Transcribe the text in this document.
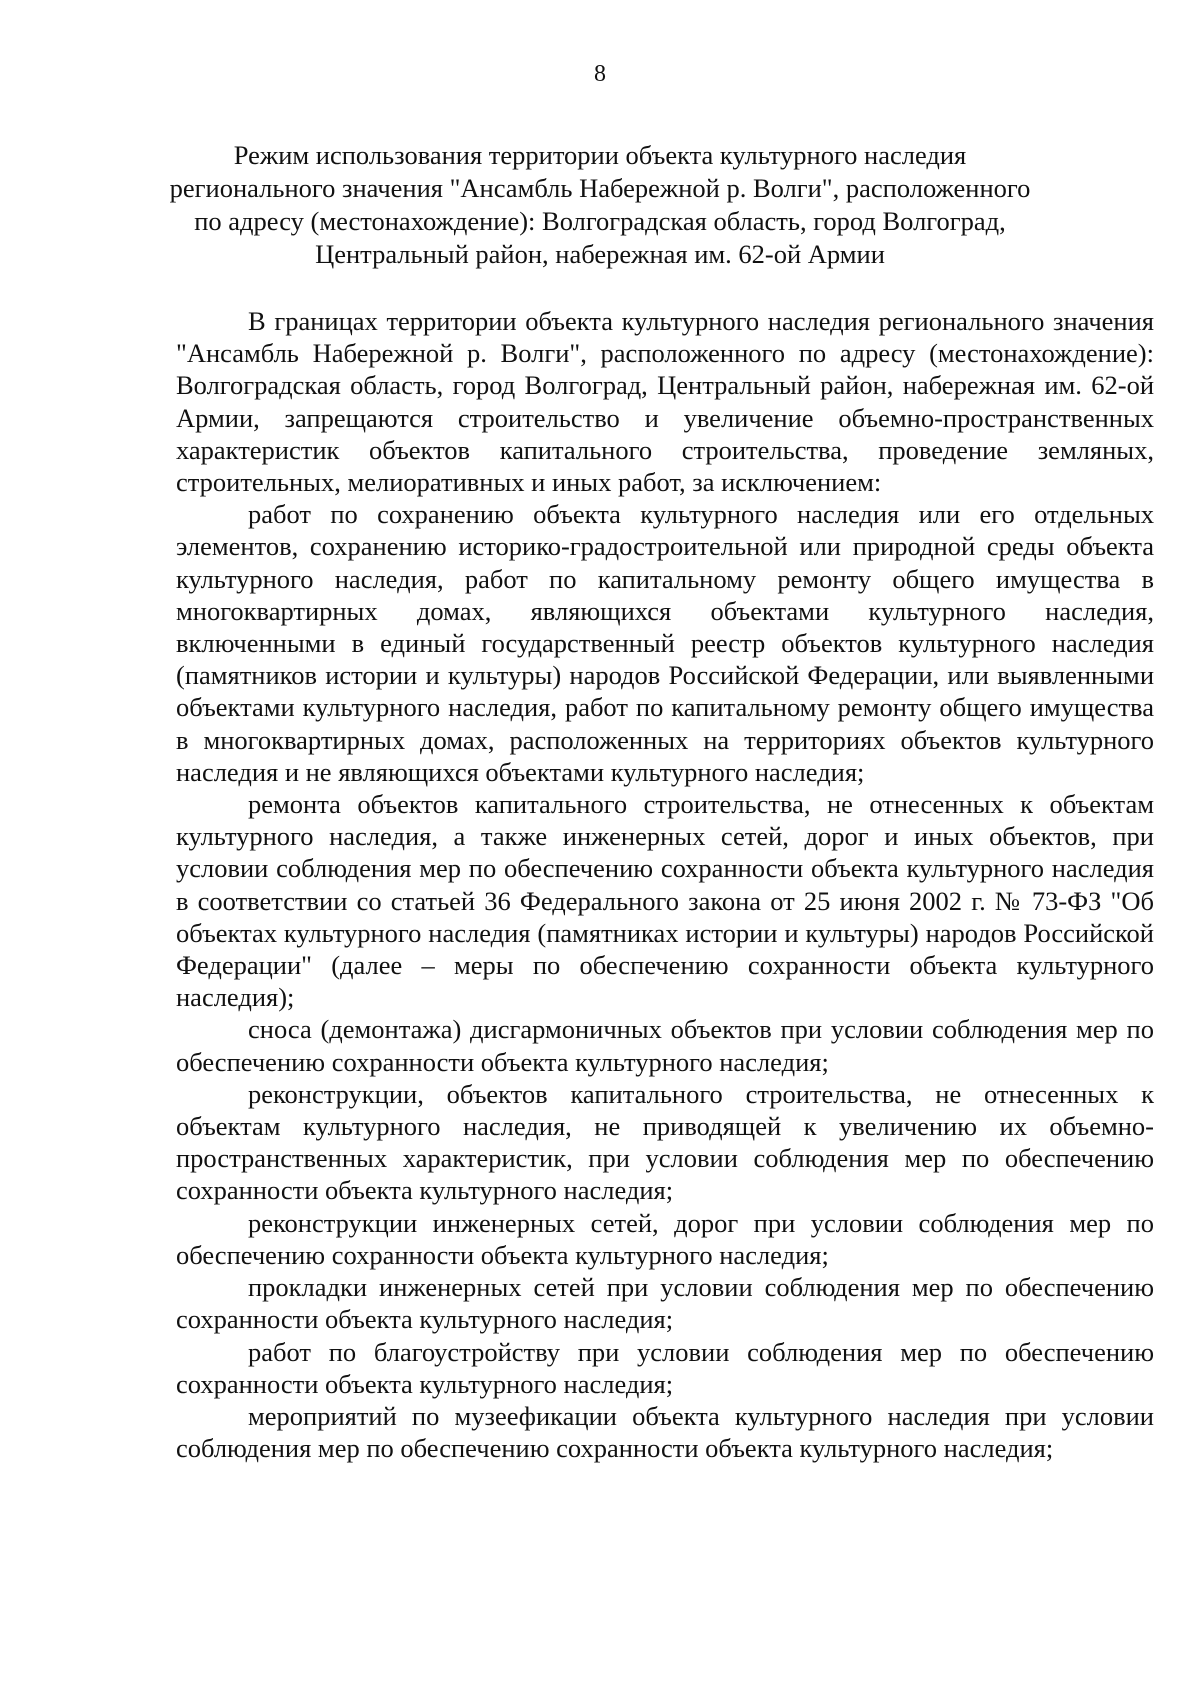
8
Режим использования территории объекта культурного наследия
регионального значения "Ансамбль Набережной р. Волги", расположенного
по адресу (местонахождение): Волгоградская область, город Волгоград,
Центральный район, набережная им. 62-ой Армии

В границах территории объекта культурного наследия регионального значения "Ансамбль Набережной р. Волги", расположенного по адресу (местонахождение): Волгоградская область, город Волгоград, Центральный район, набережная им. 62-ой Армии, запрещаются строительство и увеличение объемно-пространственных характеристик объектов капитального строительства, проведение земляных, строительных, мелиоративных и иных работ, за исключением:

работ по сохранению объекта культурного наследия или его отдельных элементов, сохранению историко-градостроительной или природной среды объекта культурного наследия, работ по капитальному ремонту общего имущества в многоквартирных домах, являющихся объектами культурного наследия, включенными в единый государственный реестр объектов культурного наследия (памятников истории и культуры) народов Российской Федерации, или выявленными объектами культурного наследия, работ по капитальному ремонту общего имущества в многоквартирных домах, расположенных на территориях объектов культурного наследия и не являющихся объектами культурного наследия;

ремонта объектов капитального строительства, не отнесенных к объектам культурного наследия, а также инженерных сетей, дорог и иных объектов, при условии соблюдения мер по обеспечению сохранности объекта культурного наследия в соответствии со статьей 36 Федерального закона от 25 июня 2002 г. № 73-ФЗ "Об объектах культурного наследия (памятниках истории и культуры) народов Российской Федерации" (далее – меры по обеспечению сохранности объекта культурного наследия);

сноса (демонтажа) дисгармоничных объектов при условии соблюдения мер по обеспечению сохранности объекта культурного наследия;

реконструкции, объектов капитального строительства, не отнесенных к объектам культурного наследия, не приводящей к увеличению их объемно-пространственных характеристик, при условии соблюдения мер по обеспечению сохранности объекта культурного наследия;

реконструкции инженерных сетей, дорог при условии соблюдения мер по обеспечению сохранности объекта культурного наследия;

прокладки инженерных сетей при условии соблюдения мер по обеспечению сохранности объекта культурного наследия;

работ по благоустройству при условии соблюдения мер по обеспечению сохранности объекта культурного наследия;

мероприятий по музеефикации объекта культурного наследия при условии соблюдения мер по обеспечению сохранности объекта культурного наследия;
